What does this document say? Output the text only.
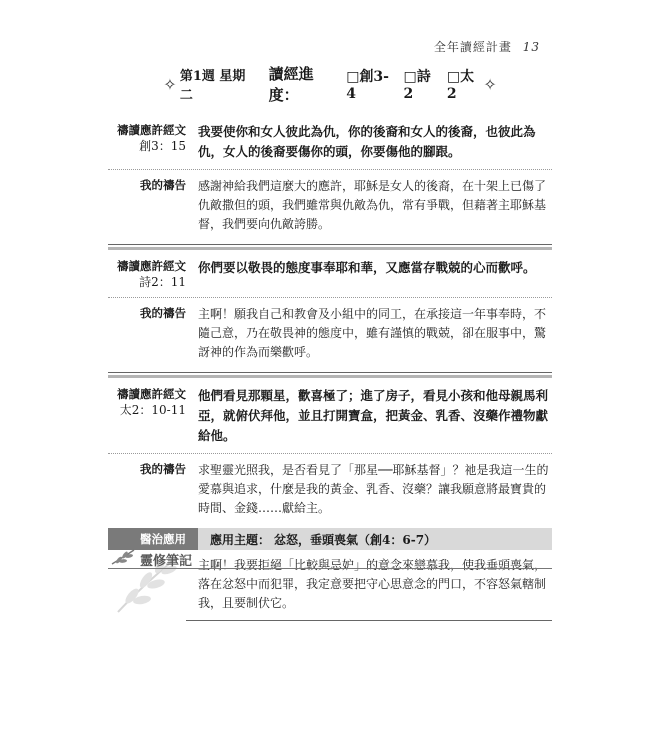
全年讀經計畫 13
✧ 第1週 星期二
讀經進度：
□創3-4
□詩2
□太2
✧
禱讀應許經文
創3：15
我要使你和女人彼此為仇，你的後裔和女人的後裔，也彼此為仇，女人的後裔要傷你的頭，你要傷他的腳跟。
我的禱告	感謝神給我們這麼大的應許，耶穌是女人的後裔，在十架上已傷了仇敵撒但的頭，我們雖常與仇敵為仇，常有爭戰，但藉著主耶穌基督，我們要向仇敵誇勝。
禱讀應許經文
詩2：11
你們要以敬畏的態度事奉耶和華，又應當存戰兢的心而歡呼。
我的禱告	主啊！願我自己和教會及小組中的同工，在承接這一年事奉時，不隨己意，乃在敬畏神的態度中，雖有謹慎的戰兢，卻在服事中，驚訝神的作為而樂歡呼。
禱讀應許經文
太2：10-11
他們看見那顆星，歡喜極了；進了房子，看見小孩和他母親馬利亞，就俯伏拜他，並且打開寶盒，把黃金、乳香、沒藥作禮物獻給他。
我的禱告	求聖靈光照我，是否看見了「那星──耶穌基督」？祂是我這一生的愛慕與追求，什麼是我的黃金、乳香、沒藥？讓我願意將最寶貴的時間、金錢……獻給主。
醫治應用	應用主題： 忿怒，垂頭喪氣（創4：6-7）
主啊！我要拒絕「比較與忌妒」的意念來戀慕我，使我垂頭喪氣，落在忿怒中而犯罪，我定意要把守心思意念的門口，不容怒氣轄制我，且要制伏它。
靈修筆記
